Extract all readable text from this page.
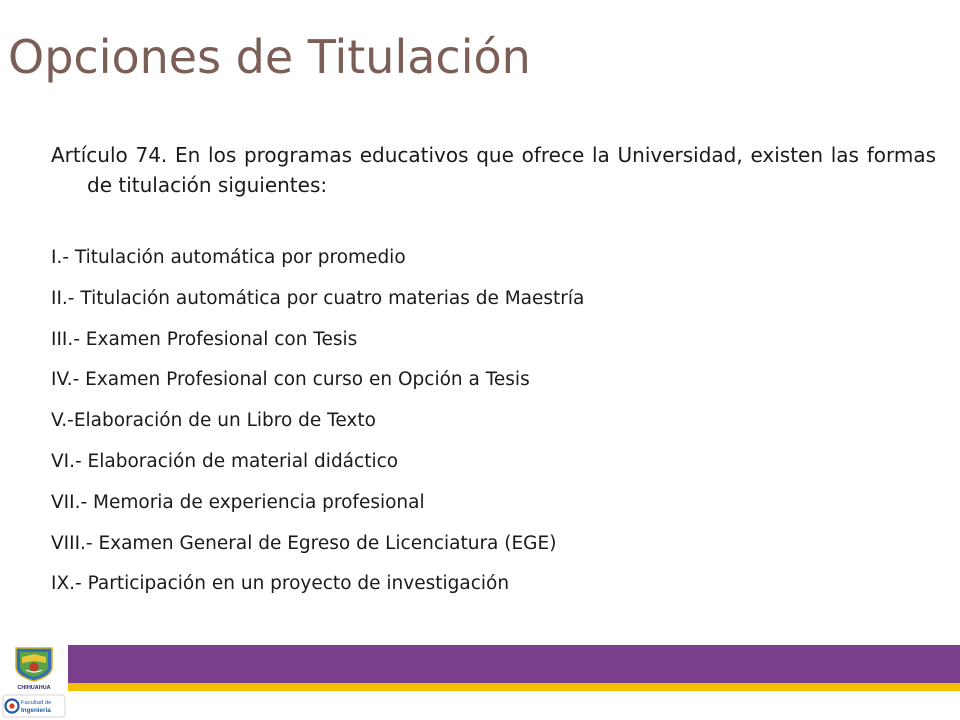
Opciones de Titulación

Artículo 74. En los programas educativos que ofrece la Universidad, existen las formas de titulación siguientes:

I.- Titulación automática por promedio
II.- Titulación automática por cuatro materias de Maestría
III.- Examen Profesional con Tesis
IV.- Examen Profesional con curso en Opción a Tesis
V.-Elaboración de un Libro de Texto
VI.- Elaboración de material didáctico
VII.- Memoria de experiencia profesional
VIII.- Examen General de Egreso de Licenciatura (EGE)
IX.- Participación en un proyecto de investigación
CHIHUAHUA
Facultad de
Ingeniería
